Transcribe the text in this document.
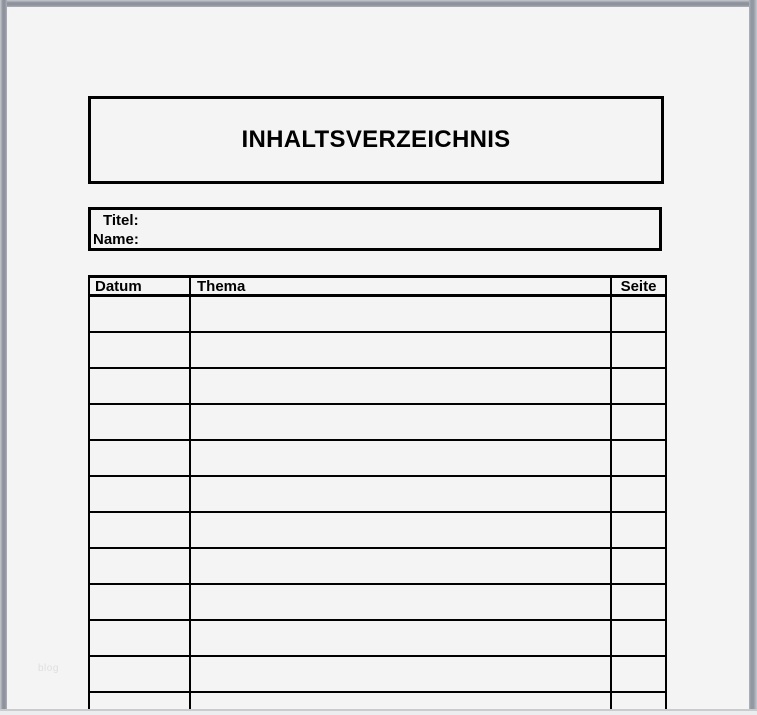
INHALTSVERZEICHNIS
Titel:
Name:
Datum	Thema	Seite
blog
